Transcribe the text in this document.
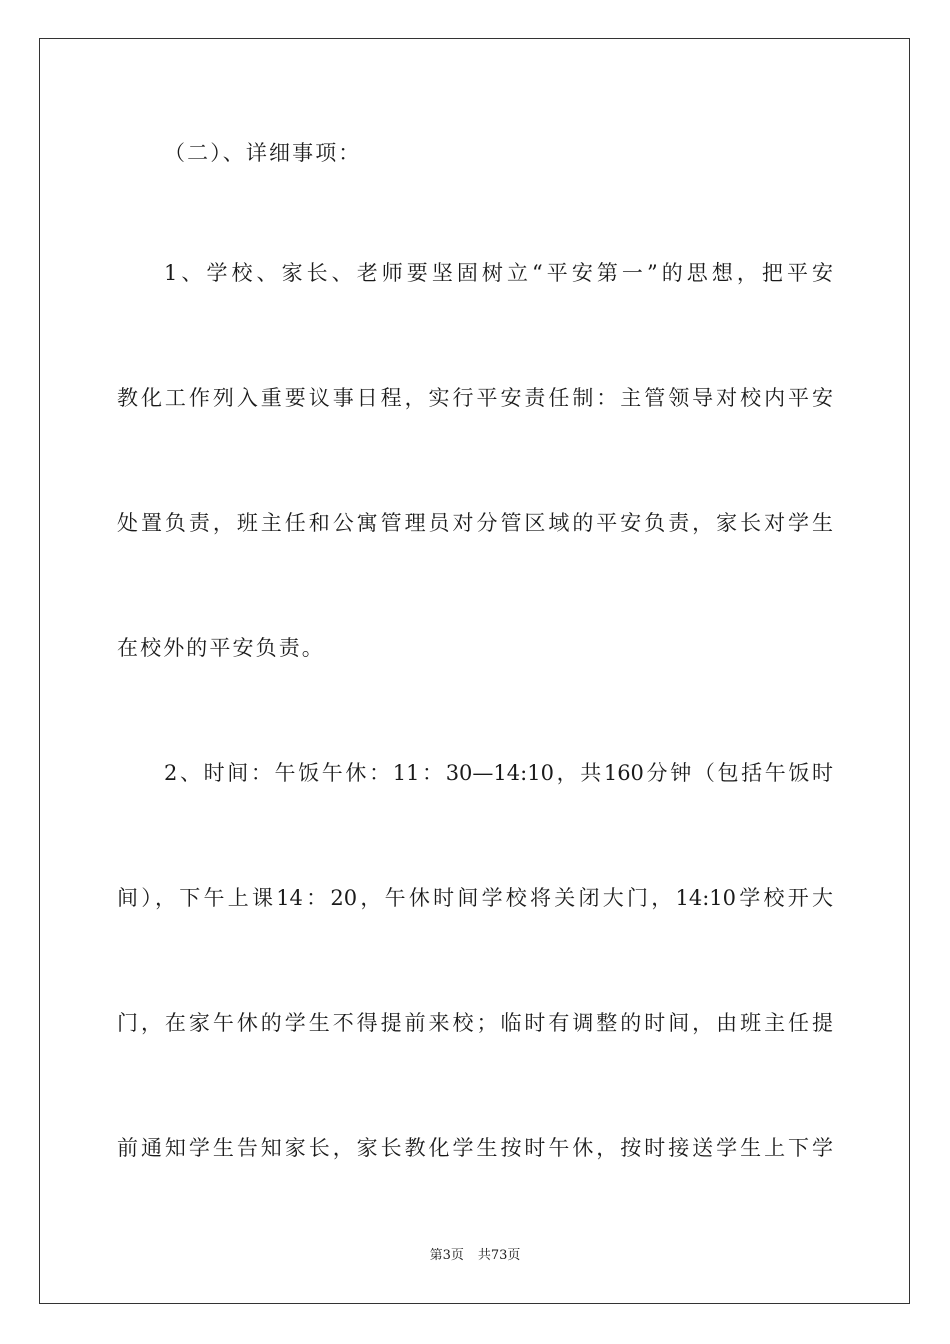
（二）、详细事项：
1、学校、家长、老师要坚固树立“平安第一”的思想，把平安
教化工作列入重要议事日程，实行平安责任制：主管领导对校内平安
处置负责，班主任和公寓管理员对分管区域的平安负责，家长对学生
在校外的平安负责。
2、时间：午饭午休：11：30—14:10，共160分钟（包括午饭时
间），下午上课14：20，午休时间学校将关闭大门，14:10学校开大
门，在家午休的学生不得提前来校；临时有调整的时间，由班主任提
前通知学生告知家长，家长教化学生按时午休，按时接送学生上下学
第3页 共73页
